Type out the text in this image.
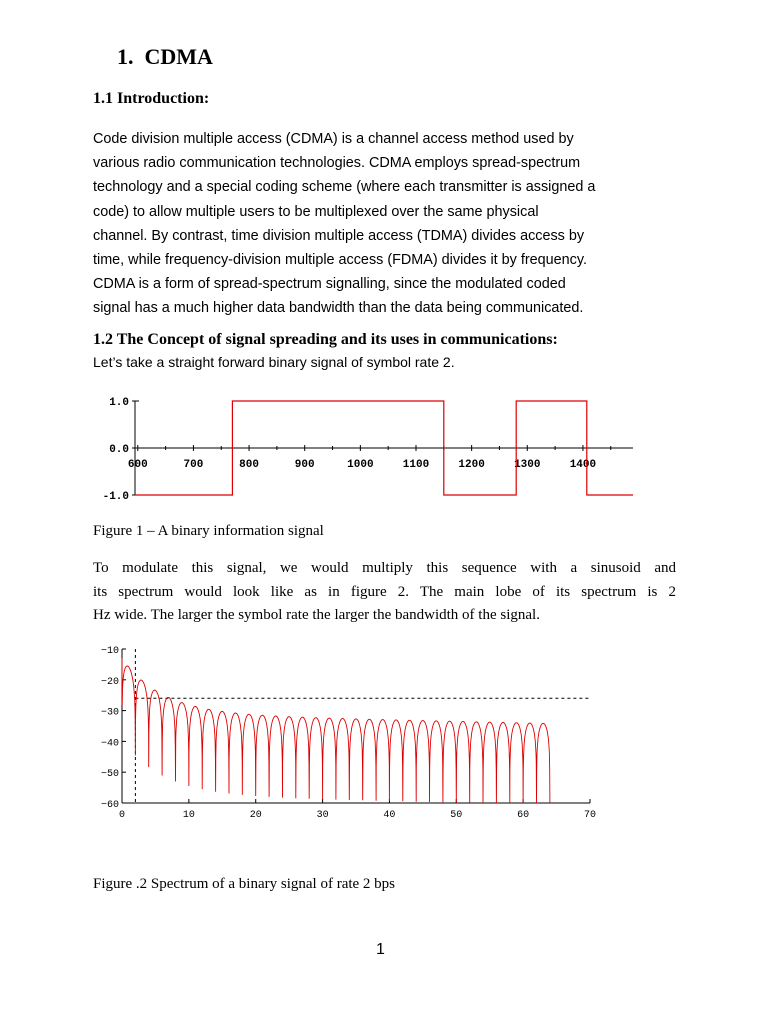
1. CDMA
1.1 Introduction:
Code division multiple access (CDMA) is a channel access method used by
various radio communication technologies. CDMA employs spread-spectrum
technology and a special coding scheme (where each transmitter is assigned a
code) to allow multiple users to be multiplexed over the same physical
channel. By contrast, time division multiple access (TDMA) divides access by
time, while frequency-division multiple access (FDMA) divides it by frequency.
CDMA is a form of spread-spectrum signalling, since the modulated coded
signal has a much higher data bandwidth than the data being communicated.
1.2 The Concept of signal spreading and its uses in communications:
Let’s take a straight forward binary signal of symbol rate 2.
1.0
0.0
-1.0
600	700	800	900	1000	1100	1200	1300	1400
Figure 1 – A binary information signal
To modulate this signal, we would multiply this sequence with a sinusoid and
its spectrum would look like as in figure 2. The main lobe of its spectrum is 2
Hz wide. The larger the symbol rate the larger the bandwidth of the signal.
−10
−20
−30
−40
−50
−60
0	10	20	30	40	50	60	70
Figure .2 Spectrum of a binary signal of rate 2 bps
1
